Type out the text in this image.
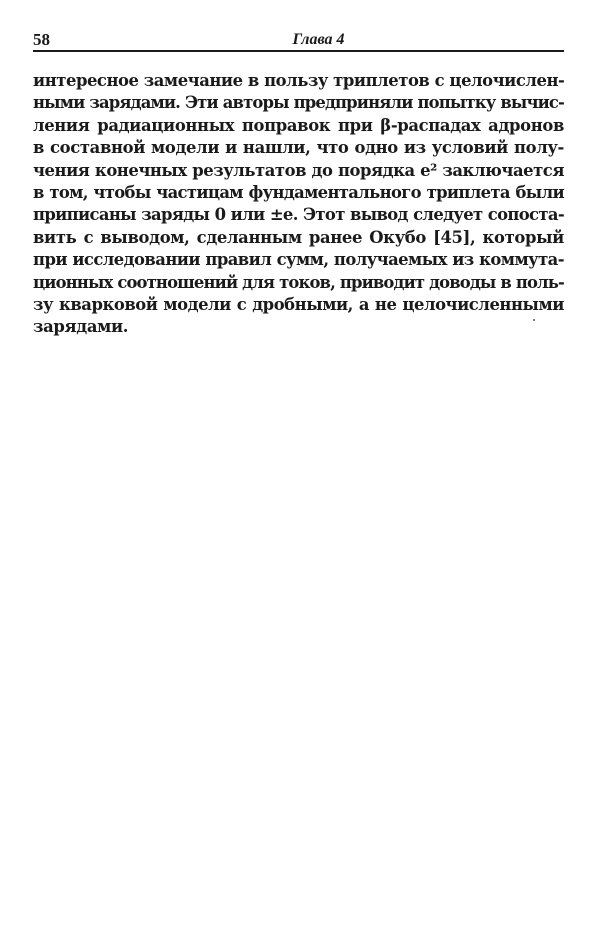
58	Глава 4
интересное замечание в пользу триплетов с целочислен-
ными зарядами. Эти авторы предприняли попытку вычис-
ления радиационных поправок при β-распадах адронов
в составной модели и нашли, что одно из условий полу-
чения конечных результатов до порядка e² заключается
в том, чтобы частицам фундаментального триплета были
приписаны заряды 0 или ±e. Этот вывод следует сопоста-
вить с выводом, сделанным ранее Окубо [45], который
при исследовании правил сумм, получаемых из коммута-
ционных соотношений для токов, приводит доводы в поль-
зу кварковой модели с дробными, а не целочисленными
зарядами.
